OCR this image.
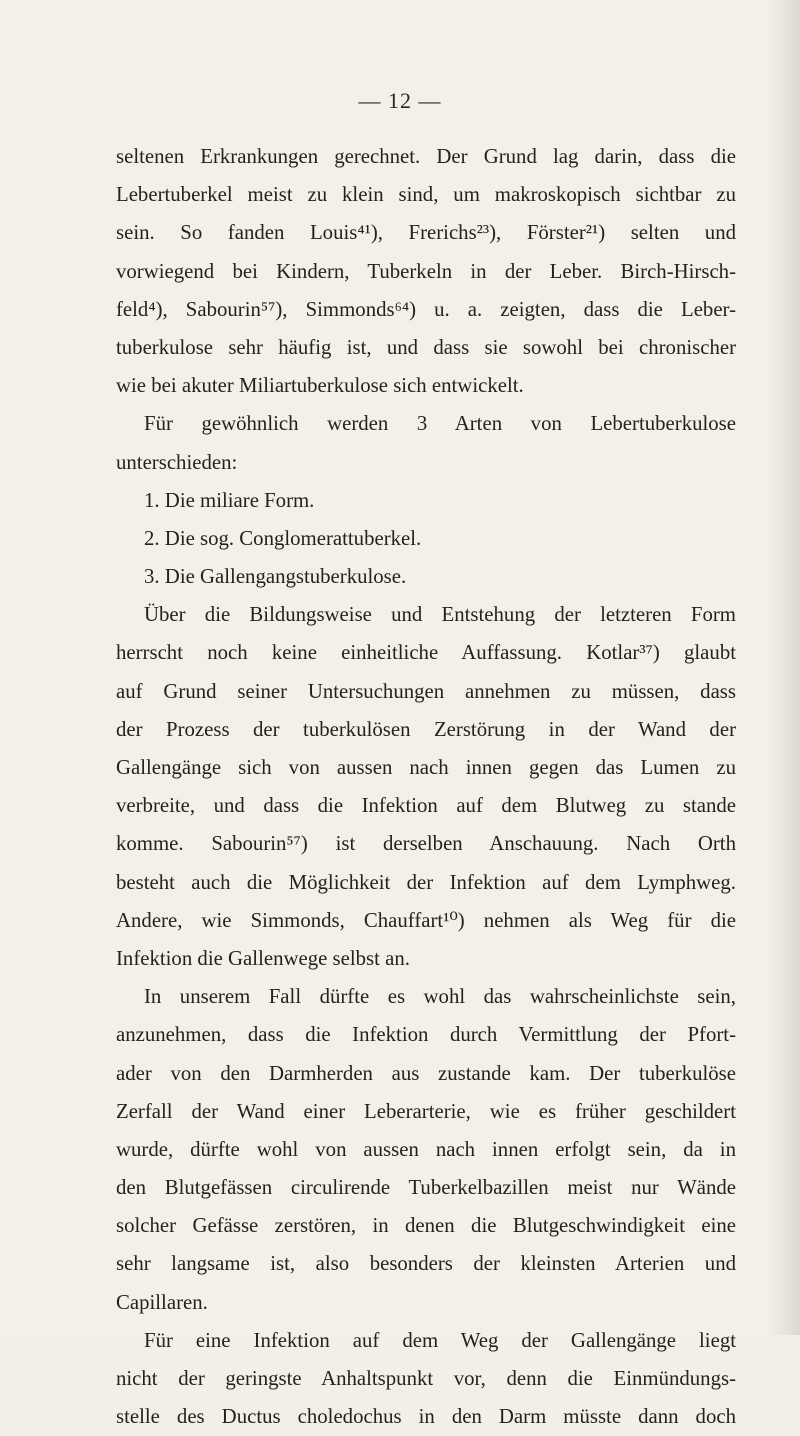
— 12 —
seltenen Erkrankungen gerechnet. Der Grund lag darin, dass die
Lebertuberkel meist zu klein sind, um makroskopisch sichtbar zu
sein. So fanden Louis⁴¹), Frerichs²³), Förster²¹) selten und
vorwiegend bei Kindern, Tuberkeln in der Leber. Birch-Hirsch-
feld⁴), Sabourin⁵⁷), Simmonds⁶⁴) u. a. zeigten, dass die Leber-
tuberkulose sehr häufig ist, und dass sie sowohl bei chronischer
wie bei akuter Miliartuberkulose sich entwickelt.
Für gewöhnlich werden 3 Arten von Lebertuberkulose
unterschieden:
1. Die miliare Form.
2. Die sog. Conglomerattuberkel.
3. Die Gallengangstuberkulose.
Über die Bildungsweise und Entstehung der letzteren Form
herrscht noch keine einheitliche Auffassung. Kotlar³⁷) glaubt
auf Grund seiner Untersuchungen annehmen zu müssen, dass
der Prozess der tuberkulösen Zerstörung in der Wand der
Gallengänge sich von aussen nach innen gegen das Lumen zu
verbreite, und dass die Infektion auf dem Blutweg zu stande
komme. Sabourin⁵⁷) ist derselben Anschauung. Nach Orth
besteht auch die Möglichkeit der Infektion auf dem Lymphweg.
Andere, wie Simmonds, Chauffart¹⁰) nehmen als Weg für die
Infektion die Gallenwege selbst an.
In unserem Fall dürfte es wohl das wahrscheinlichste sein,
anzunehmen, dass die Infektion durch Vermittlung der Pfort-
ader von den Darmherden aus zustande kam. Der tuberkulöse
Zerfall der Wand einer Leberarterie, wie es früher geschildert
wurde, dürfte wohl von aussen nach innen erfolgt sein, da in
den Blutgefässen circulirende Tuberkelbazillen meist nur Wände
solcher Gefässe zerstören, in denen die Blutgeschwindigkeit eine
sehr langsame ist, also besonders der kleinsten Arterien und
Capillaren.
Für eine Infektion auf dem Weg der Gallengänge liegt
nicht der geringste Anhaltspunkt vor, denn die Einmündungs-
stelle des Ductus choledochus in den Darm müsste dann doch
